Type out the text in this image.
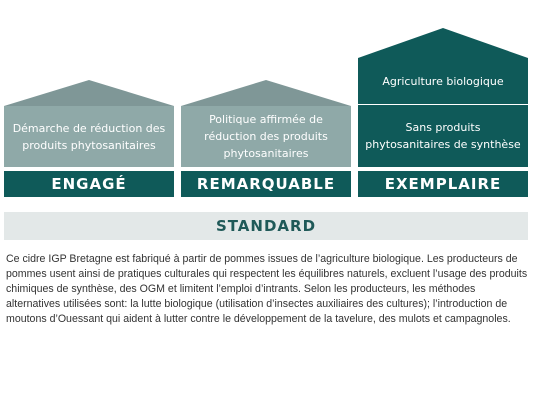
Démarche de réduction des produits phytosanitaires
ENGAGÉ
Politique affirmée de réduction des produits phytosanitaires
REMARQUABLE
Agriculture biologique
Sans produits phytosanitaires de synthèse
EXEMPLAIRE
STANDARD

Ce cidre IGP Bretagne est fabriqué à partir de pommes issues de l’agriculture biologique. Les producteurs de pommes usent ainsi de pratiques culturales qui respectent les équilibres naturels, excluent l’usage des produits chimiques de synthèse, des OGM et limitent l’emploi d’intrants. Selon les producteurs, les méthodes alternatives utilisées sont: la lutte biologique (utilisation d’insectes auxiliaires des cultures); l’introduction de moutons d’Ouessant qui aident à lutter contre le développement de la tavelure, des mulots et campagnoles.
